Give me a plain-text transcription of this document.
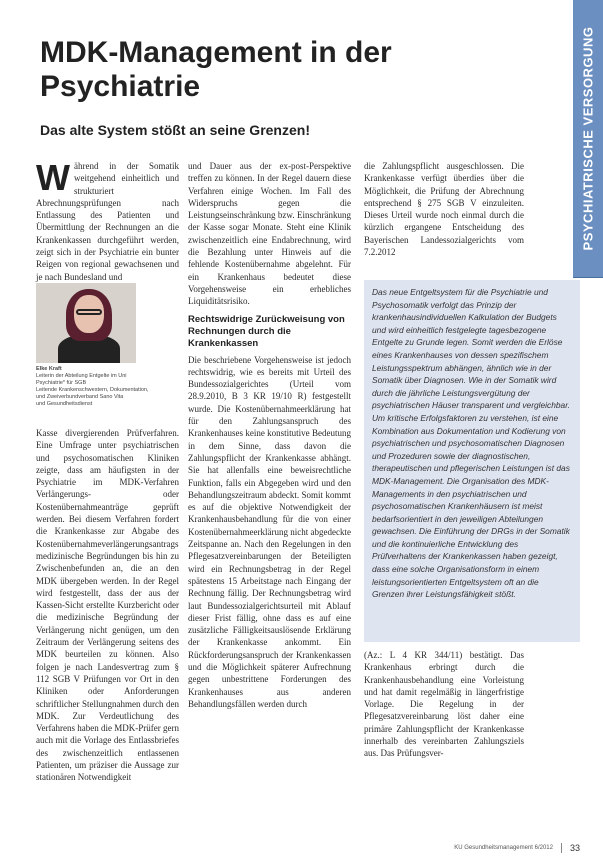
PSYCHIATRISCHE VERSORGUNG
MDK-Management in der Psychiatrie
Das alte System stößt an seine Grenzen!
W ährend in der Somatik weitgehend einheitlich und strukturiert Abrechnungsprüfungen nach Entlassung des Patienten und Übermittlung der Rechnungen an die Krankenkassen durchgeführt werden, zeigt sich in der Psychiatrie ein bunter Reigen von regional gewachsenen und je nach Bundesland und

Elke Kraft
Leiterin der Abteilung Entgelte im Uni
Psychiatrie* für SGB
Leitende Krankenschwestern, Dokumentation,
und Zweiverbundverband Sano Vita
und Gesundheitsdienst

Kasse divergierenden Prüfverfahren. Eine Umfrage unter psychiatrischen und psychosomatischen Kliniken zeigte, dass am häufigsten in der Psychiatrie im MDK-Verfahren Verlängerungs- oder Kostenübernahmeanträge geprüft werden. Bei diesem Verfahren fordert die Krankenkasse zur Abgabe des Kostenübernahmeverlängerungsantrags medizinische Begründungen bis hin zu Zwischenbefunden an, die an den MDK übergeben werden. In der Regel wird festgestellt, dass der aus der Kassen-Sicht erstellte Kurzbericht oder die medizinische Begründung der Verlängerung nicht genügen, um den Zeitraum der Verlängerung seitens des MDK beurteilen zu können. Also folgen je nach Landesvertrag zum § 112 SGB V Prüfungen vor Ort in den Kliniken oder Anforderungen schriftlicher Stellungnahmen durch den MDK. Zur Verdeutlichung des Verfahrens haben die MDK-Prüfer gern auch mit die Vorlage des Entlassbriefes des zwischenzeitlich entlassenen Patienten, um präziser die Aussage zur stationären Notwendigkeit

und Dauer aus der ex-post-Perspektive treffen zu können. In der Regel dauern diese Verfahren einige Wochen. Im Fall des Widerspruchs gegen die Leistungseinschränkung bzw. Einschränkung der Kasse sogar Monate. Steht eine Klinik zwischenzeitlich eine Endabrechnung, wird die Bezahlung unter Hinweis auf die fehlende Kostenübernahme abgelehnt. Für ein Krankenhaus bedeutet diese Vorgehensweise ein erhebliches Liquiditätsrisiko.

Rechtswidrige Zurückweisung von Rechnungen durch die Krankenkassen

Die beschriebene Vorgehensweise ist jedoch rechtswidrig, wie es bereits mit Urteil des Bundessozialgerichtes (Urteil vom 28.9.2010, B 3 KR 19/10 R) festgestellt wurde. Die Kostenübernahmeerklärung hat für den Zahlungsanspruch des Krankenhauses keine konstitutive Bedeutung in dem Sinne, dass davon die Zahlungspflicht der Krankenkasse abhängt. Sie hat allenfalls eine beweisrechtliche Funktion, falls ein Abgegeben wird und den Behandlungszeitraum abdeckt. Somit kommt es auf die objektive Notwendigkeit der Krankenhausbehandlung für die von einer Kostenübernahmeerklärung nicht abgedeckte Zeitspanne an. Nach den Regelungen in den Pflegesatzvereinbarungen der Beteiligten wird ein Rechnungsbetrag in der Regel spätestens 15 Arbeitstage nach Eingang der Rechnung fällig. Der Rechnungsbetrag wird laut Bundessozialgerichtsurteil mit Ablauf dieser Frist fällig, ohne dass es auf eine zusätzliche Fälligkeitsauslösende Erklärung der Krankenkasse ankommt. Ein Rückforderungsanspruch der Krankenkassen und die Möglichkeit späterer Aufrechnung gegen unbestrittene Forderungen des Krankenhauses aus anderen Behandlungsfällen werden durch

die Zahlungspflicht ausgeschlossen. Die Krankenkasse verfügt überdies über die Möglichkeit, die Prüfung der Abrechnung entsprechend § 275 SGB V einzuleiten. Dieses Urteil wurde noch einmal durch die kürzlich ergangene Entscheidung des Bayerischen Landessozialgerichts vom 7.2.2012

Das neue Entgeltsystem für die Psychiatrie und Psychosomatik verfolgt das Prinzip der krankenhausindividuellen Kalkulation der Budgets und wird einheitlich festgelegte tagesbezogene Entgelte zu Grunde legen. Somit werden die Erlöse eines Krankenhauses von dessen spezifischem Leistungsspektrum abhängen, ähnlich wie in der Somatik über Diagnosen. Wie in der Somatik wird durch die jährliche Leistungsvergütung der psychiatrischen Häuser transparent und vergleichbar. Um kritische Erfolgsfaktoren zu verstehen, ist eine Kombination aus Dokumentation und Kodierung von psychiatrischen und psychosomatischen Diagnosen und Prozeduren sowie der diagnostischen, therapeutischen und pflegerischen Leistungen ist das MDK-Management. Die Organisation des MDK-Managements in den psychiatrischen und psychosomatischen Krankenhäusern ist meist bedarfsorientiert in den jeweiligen Abteilungen gewachsen. Die Einführung der DRGs in der Somatik und die kontinuierliche Entwicklung des Prüfverhaltens der Krankenkassen haben gezeigt, dass eine solche Organisationsform in einem leistungsorientierten Entgeltsystem oft an die Grenzen ihrer Leistungsfähigkeit stößt.

(Az.: L 4 KR 344/11) bestätigt. Das Krankenhaus erbringt durch die Krankenhausbehandlung eine Vorleistung und hat damit regelmäßig in längerfristige Vorlage. Die Regelung in der Pflegesatzvereinbarung löst daher eine primäre Zahlungspflicht der Krankenkasse innerhalb des vereinbarten Zahlungsziels aus. Das Prüfungsver-

KU Gesundheitsmanagement 6/2012 33
